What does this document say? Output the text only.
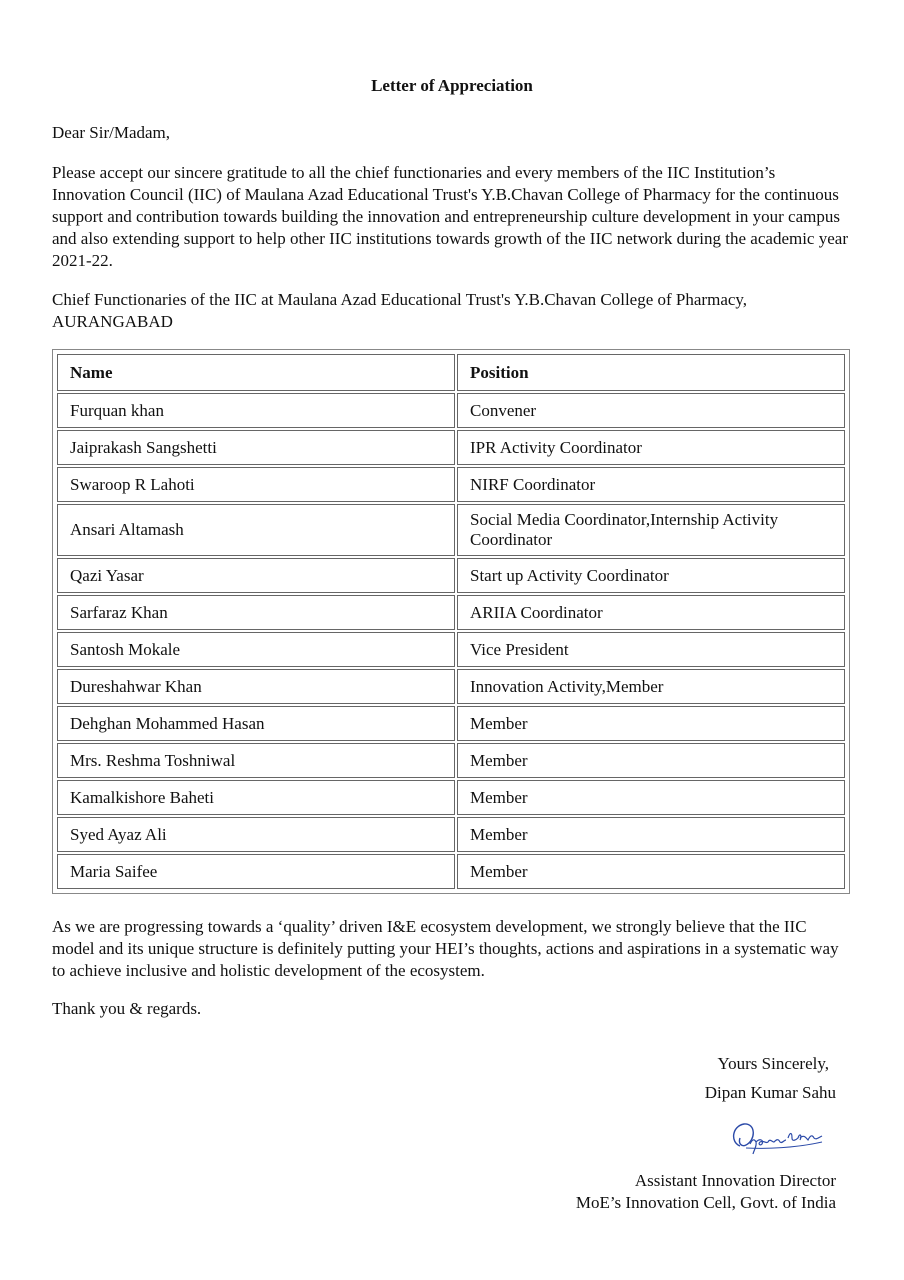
Letter of Appreciation

Dear Sir/Madam,

Please accept our sincere gratitude to all the chief functionaries and every members of the IIC Institution’s Innovation Council (IIC) of Maulana Azad Educational Trust's Y.B.Chavan College of Pharmacy for the continuous support and contribution towards building the innovation and entrepreneurship culture development in your campus and also extending support to help other IIC institutions towards growth of the IIC network during the academic year 2021-22.

Chief Functionaries of the IIC at Maulana Azad Educational Trust's Y.B.Chavan College of Pharmacy, AURANGABAD

Name	Position
Furquan khan	Convener
Jaiprakash Sangshetti	IPR Activity Coordinator
Swaroop R Lahoti	NIRF Coordinator
Ansari Altamash	Social Media Coordinator,Internship Activity Coordinator
Qazi Yasar	Start up Activity Coordinator
Sarfaraz Khan	ARIIA Coordinator
Santosh Mokale	Vice President
Dureshahwar Khan	Innovation Activity,Member
Dehghan Mohammed Hasan	Member
Mrs. Reshma Toshniwal	Member
Kamalkishore Baheti	Member
Syed Ayaz Ali	Member
Maria Saifee	Member

As we are progressing towards a ‘quality’ driven I&E ecosystem development, we strongly believe that the IIC model and its unique structure is definitely putting your HEI’s thoughts, actions and aspirations in a systematic way to achieve inclusive and holistic development of the ecosystem.

Thank you & regards.

Yours Sincerely,
Dipan Kumar Sahu
Assistant Innovation Director
MoE’s Innovation Cell, Govt. of India
